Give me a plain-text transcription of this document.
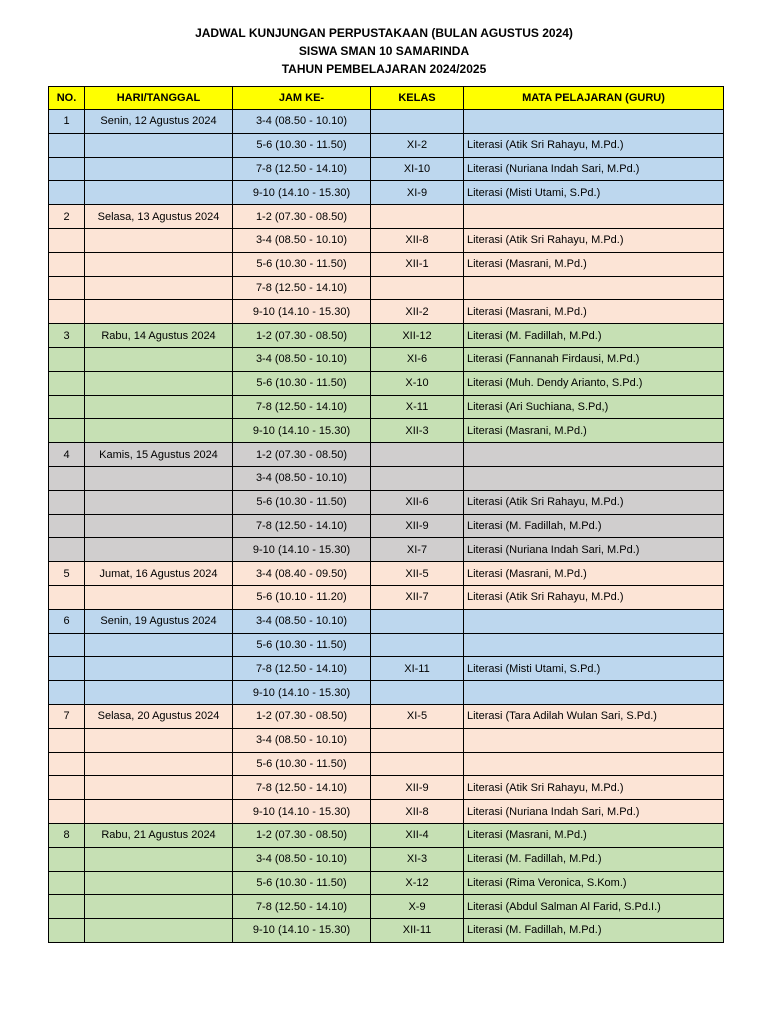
JADWAL KUNJUNGAN PERPUSTAKAAN (BULAN AGUSTUS 2024)
SISWA SMAN 10 SAMARINDA
TAHUN PEMBELAJARAN 2024/2025
NO.	HARI/TANGGAL	JAM KE-	KELAS	MATA PELAJARAN (GURU)
1	Senin, 12 Agustus 2024	3-4 (08.50 - 10.10)		
		5-6 (10.30 - 11.50)	XI-2	Literasi (Atik Sri Rahayu, M.Pd.)
		7-8 (12.50 - 14.10)	XI-10	Literasi (Nuriana Indah Sari, M.Pd.)
		9-10 (14.10 - 15.30)	XI-9	Literasi (Misti Utami, S.Pd.)
2	Selasa, 13 Agustus 2024	1-2 (07.30 - 08.50)		
		3-4 (08.50 - 10.10)	XII-8	Literasi (Atik Sri Rahayu, M.Pd.)
		5-6 (10.30 - 11.50)	XII-1	Literasi (Masrani, M.Pd.)
		7-8 (12.50 - 14.10)		
		9-10 (14.10 - 15.30)	XII-2	Literasi (Masrani, M.Pd.)
3	Rabu, 14 Agustus 2024	1-2 (07.30 - 08.50)	XII-12	Literasi (M. Fadillah, M.Pd.)
		3-4 (08.50 - 10.10)	XI-6	Literasi (Fannanah Firdausi, M.Pd.)
		5-6 (10.30 - 11.50)	X-10	Literasi (Muh. Dendy Arianto, S.Pd.)
		7-8 (12.50 - 14.10)	X-11	Literasi (Ari Suchiana, S.Pd,)
		9-10 (14.10 - 15.30)	XII-3	Literasi (Masrani, M.Pd.)
4	Kamis, 15 Agustus 2024	1-2 (07.30 - 08.50)		
		3-4 (08.50 - 10.10)		
		5-6 (10.30 - 11.50)	XII-6	Literasi (Atik Sri Rahayu, M.Pd.)
		7-8 (12.50 - 14.10)	XII-9	Literasi (M. Fadillah, M.Pd.)
		9-10 (14.10 - 15.30)	XI-7	Literasi (Nuriana Indah Sari, M.Pd.)
5	Jumat, 16 Agustus 2024	3-4 (08.40 - 09.50)	XII-5	Literasi (Masrani, M.Pd.)
		5-6 (10.10 - 11.20)	XII-7	Literasi (Atik Sri Rahayu, M.Pd.)
6	Senin, 19 Agustus 2024	3-4 (08.50 - 10.10)		
		5-6 (10.30 - 11.50)		
		7-8 (12.50 - 14.10)	XI-11	Literasi (Misti Utami, S.Pd.)
		9-10 (14.10 - 15.30)		
7	Selasa, 20 Agustus 2024	1-2 (07.30 - 08.50)	XI-5	Literasi (Tara Adilah Wulan Sari, S.Pd.)
		3-4 (08.50 - 10.10)		
		5-6 (10.30 - 11.50)		
		7-8 (12.50 - 14.10)	XII-9	Literasi (Atik Sri Rahayu, M.Pd.)
		9-10 (14.10 - 15.30)	XII-8	Literasi (Nuriana Indah Sari, M.Pd.)
8	Rabu, 21 Agustus 2024	1-2 (07.30 - 08.50)	XII-4	Literasi (Masrani, M.Pd.)
		3-4 (08.50 - 10.10)	XI-3	Literasi (M. Fadillah, M.Pd.)
		5-6 (10.30 - 11.50)	X-12	Literasi (Rima Veronica, S.Kom.)
		7-8 (12.50 - 14.10)	X-9	Literasi (Abdul Salman Al Farid, S.Pd.I.)
		9-10 (14.10 - 15.30)	XII-11	Literasi (M. Fadillah, M.Pd.)
